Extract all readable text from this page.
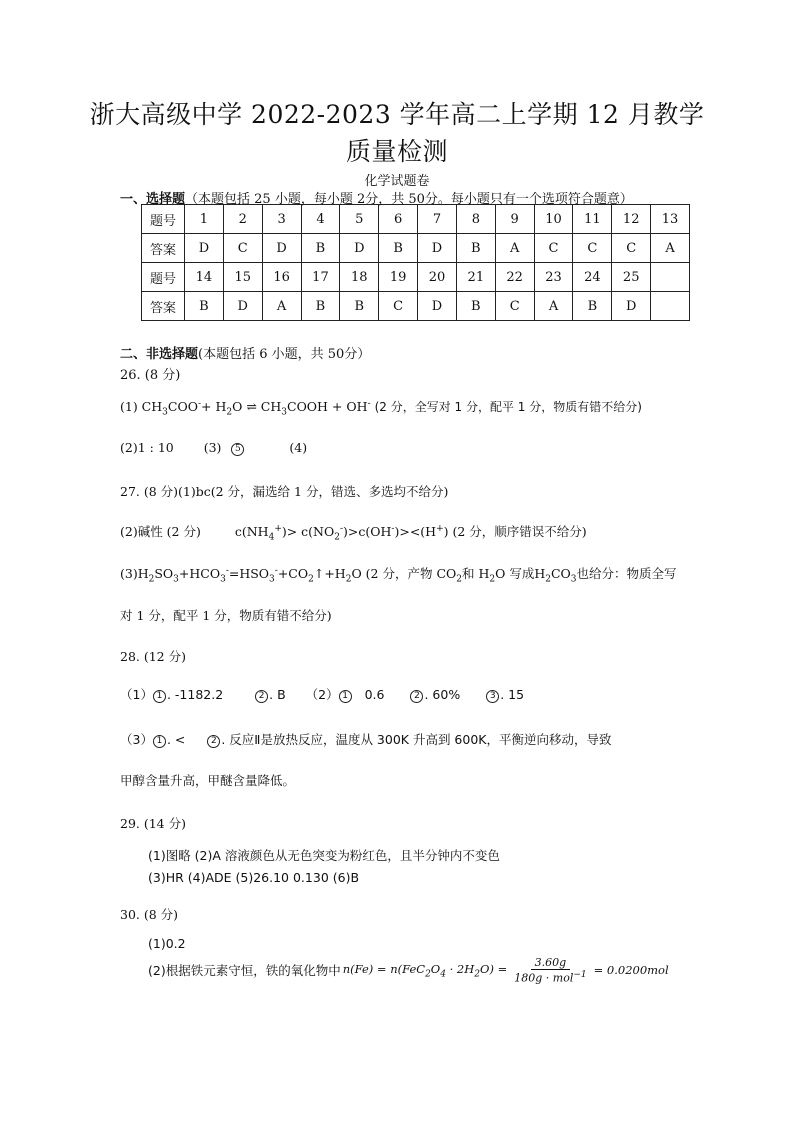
浙大高级中学 2022-2023 学年高二上学期 12 月教学
质量检测
化学试题卷
一、选择题（本题包括 25 小题，每小题 2分，共 50分。每小题只有一个选项符合题意）
题号	1	2	3	4	5	6	7	8	9	10	11	12	13
答案	D	C	D	B	D	B	D	B	A	C	C	C	A
题号	14	15	16	17	18	19	20	21	22	23	24	25	
答案	B	D	A	B	B	C	D	B	C	A	B	D	
二、非选择题(本题包括 6 小题，共 50分）
26. (8 分)
(1) $CH_3COO^-+ H_2O$ ⇌ $CH_3COOH + OH^-$ (2 分，全写对 1 分，配平 1 分，物质有错不给分)
(2)1 : 10 (3) 5	(4)
27. (8 分)(1)bc(2 分，漏选给 1 分，错选、多选均不给分)
(2)碱性 (2 分)	$c(NH_4^+)> c(NO_2^-)>c(OH^-)><(H^+)$ (2 分，顺序错误不给分)
$(3)H_2SO_3+HCO_3^-=HSO_3^-+CO_2↑+H_2O$ (2 分，产物 $CO_2$和 $H_2O$ 写成$H_2CO_3$也给分：物质全写
对 1 分，配平 1 分，物质有错不给分)
28. (12 分)
（1） 1 . -1182.2	2 . B （2） 1 0.6	2 . 60%	3 . 15
（3） 1 . <	2 . 反应Ⅱ是放热反应，温度从 300K 升高到 600K，平衡逆向移动，导致
甲醇含量升高，甲醚含量降低。
29. (14 分)
(1)图略 (2)A 溶液颜色从无色突变为粉红色，且半分钟内不变色
(3)HR (4)ADE (5)26.10 0.130 (6)B
30. (8 分)
(1)0.2
(2)根据铁元素守恒，铁的氧化物中 $n(Fe) = n(FeC_2O_4 \cdot 2H_2O) = \frac{3.60g}{180g \cdot mol^{-1}} = 0.0200mol$
